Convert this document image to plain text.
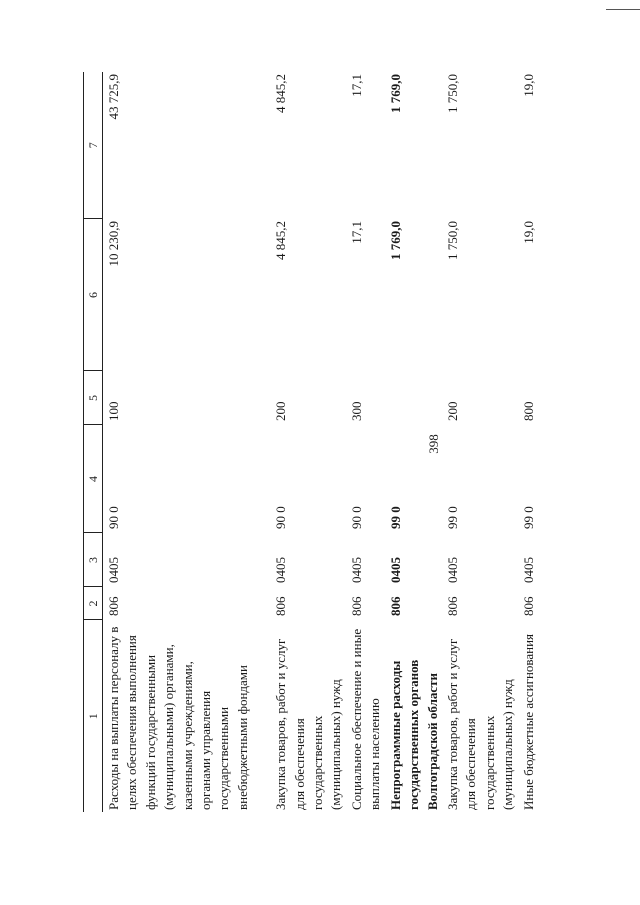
398
1	2	3	4	5	6	7
Расходы на выплаты персоналу в целях обеспечения выполнения функций государственными (муниципальными) органами, казенными учреждениями, органами управления государственными внебюджетными фондами	806	0405	90 0	100	10 230,9	43 725,9
Закупка товаров, работ и услуг для обеспечения государственных (муниципальных) нужд	806	0405	90 0	200	4 845,2	4 845,2
Социальное обеспечение и иные выплаты населению	806	0405	90 0	300	17,1	17,1
Непрограммные расходы государственных органов Волгоградской области	806	0405	99 0		1 769,0	1 769,0
Закупка товаров, работ и услуг для обеспечения государственных (муниципальных) нужд	806	0405	99 0	200	1 750,0	1 750,0
Иные бюджетные ассигнования	806	0405	99 0	800	19,0	19,0
